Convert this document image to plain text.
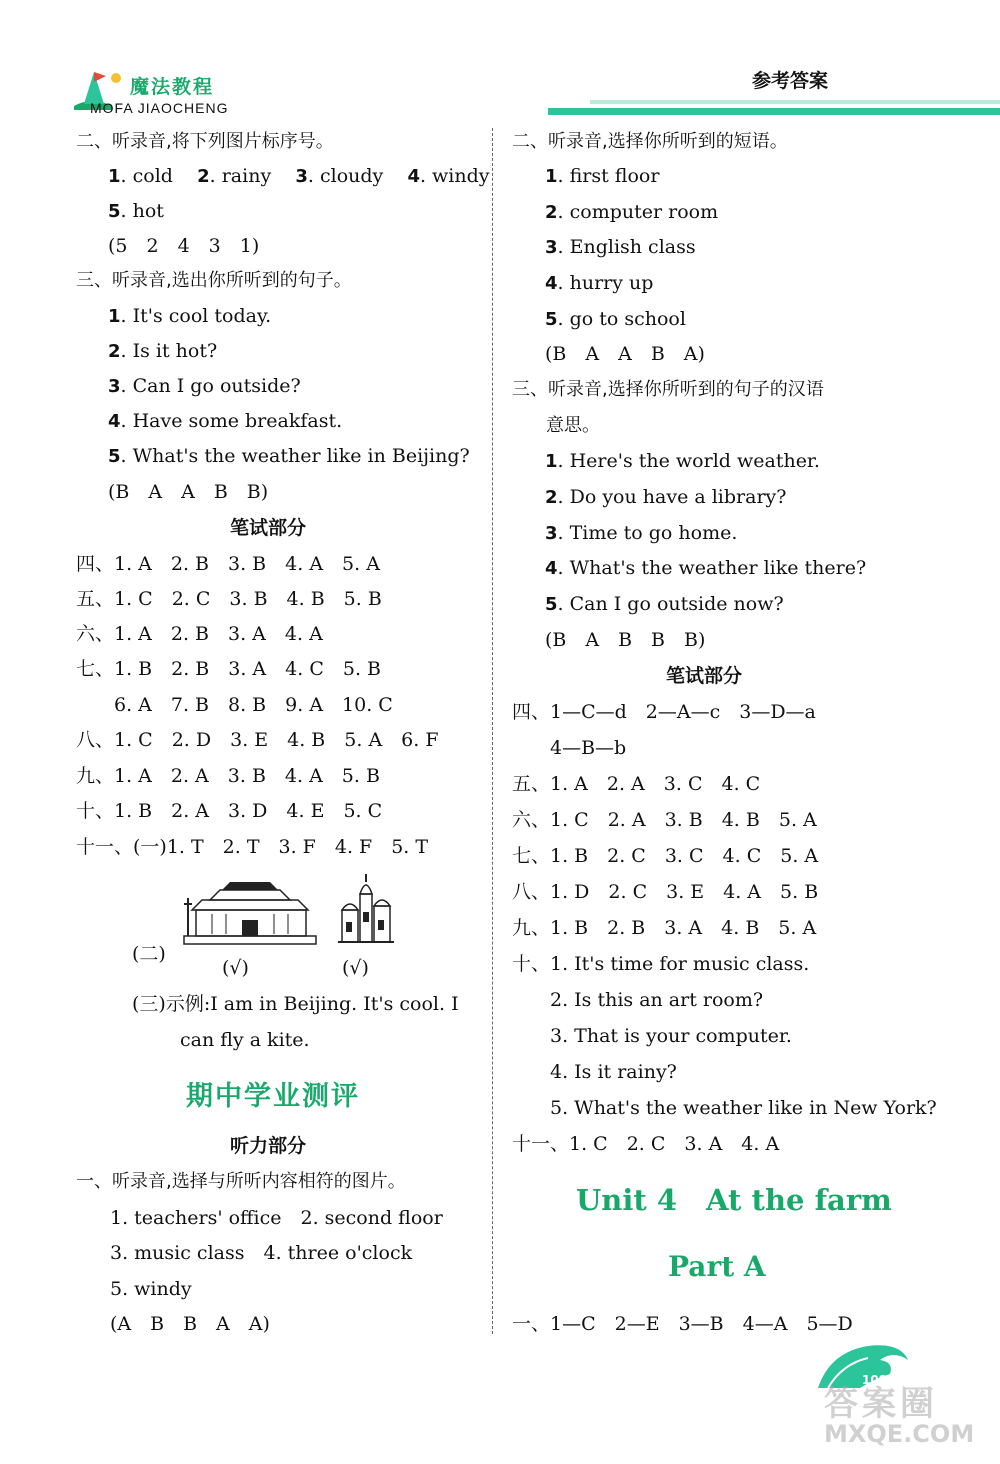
魔法教程
MOFA JIAOCHENG
参考答案
二、听录音,将下列图片标序号。
1. cold 2. rainy 3. cloudy 4. windy
5. hot
(5　2　4　3　1)
三、听录音,选出你所听到的句子。
1. It's cool today.
2. Is it hot?
3. Can I go outside?
4. Have some breakfast.
5. What's the weather like in Beijing?
(B　A　A　B　B)
笔试部分
四、1. A　2. B　3. B　4. A　5. A
五、1. C　2. C　3. B　4. B　5. B
六、1. A　2. B　3. A　4. A
七、1. B　2. B　3. A　4. C　5. B
　　6. A　7. B　8. B　9. A　10. C
八、1. C　2. D　3. E　4. B　5. A　6. F
九、1. A　2. A　3. B　4. A　5. B
十、1. B　2. A　3. D　4. E　5. C
十一、(一)1. T　2. T　3. F　4. F　5. T
(二)
(√)	(√)
(三)示例:I am in Beijing. It's cool. I
can fly a kite.
期中学业测评
听力部分
一、听录音,选择与所听内容相符的图片。
1. teachers' office　2. second floor
3. music class　4. three o'clock
5. windy
(A　B　B　A　A)
二、听录音,选择你所听到的短语。
1. first floor
2. computer room
3. English class
4. hurry up
5. go to school
(B　A　A　B　A)
三、听录音,选择你所听到的句子的汉语
意思。
1. Here's the world weather.
2. Do you have a library?
3. Time to go home.
4. What's the weather like there?
5. Can I go outside now?
(B　A　B　B　B)
笔试部分
四、1—C—d　2—A—c　3—D—a
　　4—B—b
五、1. A　2. A　3. C　4. C
六、1. C　2. A　3. B　4. B　5. A
七、1. B　2. C　3. C　4. C　5. A
八、1. D　2. C　3. E　4. A　5. B
九、1. B　2. B　3. A　4. B　5. A
十、1. It's time for music class.
　　2. Is this an art room?
　　3. That is your computer.
　　4. Is it rainy?
　　5. What's the weather like in New York?
十一、1. C　2. C　3. A　4. A
Unit 4　At the farm
Part A
一、1—C　2—E　3—B　4—A　5—D
109
答案圈
MXQE.COM
